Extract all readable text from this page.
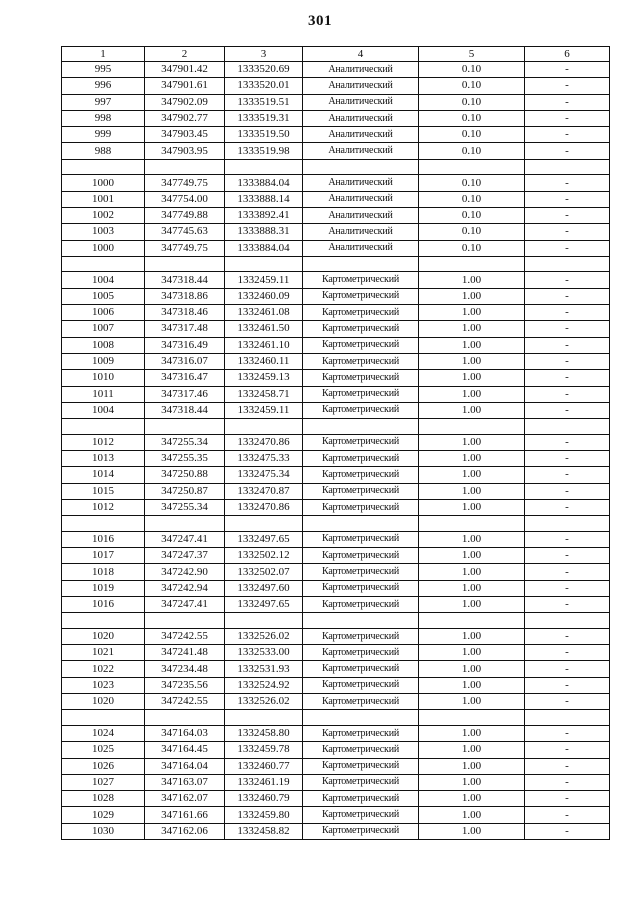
301
1	2	3	4	5	6
995	347901.42	1333520.69	Аналитический	0.10	-
996	347901.61	1333520.01	Аналитический	0.10	-
997	347902.09	1333519.51	Аналитический	0.10	-
998	347902.77	1333519.31	Аналитический	0.10	-
999	347903.45	1333519.50	Аналитический	0.10	-
988	347903.95	1333519.98	Аналитический	0.10	-

1000	347749.75	1333884.04	Аналитический	0.10	-
1001	347754.00	1333888.14	Аналитический	0.10	-
1002	347749.88	1333892.41	Аналитический	0.10	-
1003	347745.63	1333888.31	Аналитический	0.10	-
1000	347749.75	1333884.04	Аналитический	0.10	-

1004	347318.44	1332459.11	Картометрический	1.00	-
1005	347318.86	1332460.09	Картометрический	1.00	-
1006	347318.46	1332461.08	Картометрический	1.00	-
1007	347317.48	1332461.50	Картометрический	1.00	-
1008	347316.49	1332461.10	Картометрический	1.00	-
1009	347316.07	1332460.11	Картометрический	1.00	-
1010	347316.47	1332459.13	Картометрический	1.00	-
1011	347317.46	1332458.71	Картометрический	1.00	-
1004	347318.44	1332459.11	Картометрический	1.00	-

1012	347255.34	1332470.86	Картометрический	1.00	-
1013	347255.35	1332475.33	Картометрический	1.00	-
1014	347250.88	1332475.34	Картометрический	1.00	-
1015	347250.87	1332470.87	Картометрический	1.00	-
1012	347255.34	1332470.86	Картометрический	1.00	-

1016	347247.41	1332497.65	Картометрический	1.00	-
1017	347247.37	1332502.12	Картометрический	1.00	-
1018	347242.90	1332502.07	Картометрический	1.00	-
1019	347242.94	1332497.60	Картометрический	1.00	-
1016	347247.41	1332497.65	Картометрический	1.00	-

1020	347242.55	1332526.02	Картометрический	1.00	-
1021	347241.48	1332533.00	Картометрический	1.00	-
1022	347234.48	1332531.93	Картометрический	1.00	-
1023	347235.56	1332524.92	Картометрический	1.00	-
1020	347242.55	1332526.02	Картометрический	1.00	-

1024	347164.03	1332458.80	Картометрический	1.00	-
1025	347164.45	1332459.78	Картометрический	1.00	-
1026	347164.04	1332460.77	Картометрический	1.00	-
1027	347163.07	1332461.19	Картометрический	1.00	-
1028	347162.07	1332460.79	Картометрический	1.00	-
1029	347161.66	1332459.80	Картометрический	1.00	-
1030	347162.06	1332458.82	Картометрический	1.00	-
